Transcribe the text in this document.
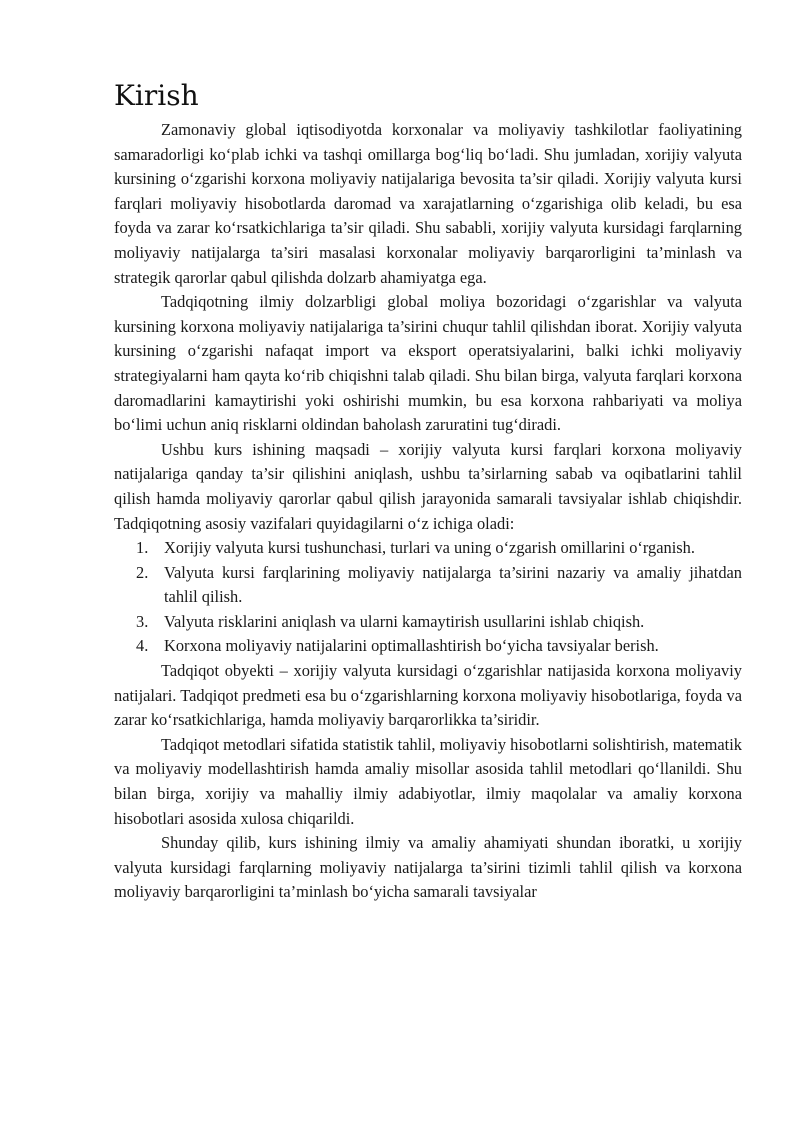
Kirish

Zamonaviy global iqtisodiyotda korxonalar va moliyaviy tashkilotlar faoliyatining samaradorligi ko‘plab ichki va tashqi omillarga bog‘liq bo‘ladi. Shu jumladan, xorijiy valyuta kursining o‘zgarishi korxona moliyaviy natijalariga bevosita ta’sir qiladi. Xorijiy valyuta kursi farqlari moliyaviy hisobotlarda daromad va xarajatlarning o‘zgarishiga olib keladi, bu esa foyda va zarar ko‘rsatkichlariga ta’sir qiladi. Shu sababli, xorijiy valyuta kursidagi farqlarning moliyaviy natijalarga ta’siri masalasi korxonalar moliyaviy barqarorligini ta’minlash va strategik qarorlar qabul qilishda dolzarb ahamiyatga ega.

Tadqiqotning ilmiy dolzarbligi global moliya bozoridagi o‘zgarishlar va valyuta kursining korxona moliyaviy natijalariga ta’sirini chuqur tahlil qilishdan iborat. Xorijiy valyuta kursining o‘zgarishi nafaqat import va eksport operatsiyalarini, balki ichki moliyaviy strategiyalarni ham qayta ko‘rib chiqishni talab qiladi. Shu bilan birga, valyuta farqlari korxona daromadlarini kamaytirishi yoki oshirishi mumkin, bu esa korxona rahbariyati va moliya bo‘limi uchun aniq risklarni oldindan baholash zaruratini tug‘diradi.

Ushbu kurs ishining maqsadi – xorijiy valyuta kursi farqlari korxona moliyaviy natijalariga qanday ta’sir qilishini aniqlash, ushbu ta’sirlarning sabab va oqibatlarini tahlil qilish hamda moliyaviy qarorlar qabul qilish jarayonida samarali tavsiyalar ishlab chiqishdir. Tadqiqotning asosiy vazifalari quyidagilarni o‘z ichiga oladi:

1. Xorijiy valyuta kursi tushunchasi, turlari va uning o‘zgarish omillarini o‘rganish.
2. Valyuta kursi farqlarining moliyaviy natijalarga ta’sirini nazariy va amaliy jihatdan tahlil qilish.
3. Valyuta risklarini aniqlash va ularni kamaytirish usullarini ishlab chiqish.
4. Korxona moliyaviy natijalarini optimallashtirish bo‘yicha tavsiyalar berish.

Tadqiqot obyekti – xorijiy valyuta kursidagi o‘zgarishlar natijasida korxona moliyaviy natijalari. Tadqiqot predmeti esa bu o‘zgarishlarning korxona moliyaviy hisobotlariga, foyda va zarar ko‘rsatkichlariga, hamda moliyaviy barqarorlikka ta’siridir.

Tadqiqot metodlari sifatida statistik tahlil, moliyaviy hisobotlarni solishtirish, matematik va moliyaviy modellashtirish hamda amaliy misollar asosida tahlil metodlari qo‘llanildi. Shu bilan birga, xorijiy va mahalliy ilmiy adabiyotlar, ilmiy maqolalar va amaliy korxona hisobotlari asosida xulosa chiqarildi.

Shunday qilib, kurs ishining ilmiy va amaliy ahamiyati shundan iboratki, u xorijiy valyuta kursidagi farqlarning moliyaviy natijalarga ta’sirini tizimli tahlil qilish va korxona moliyaviy barqarorligini ta’minlash bo‘yicha samarali tavsiyalar
